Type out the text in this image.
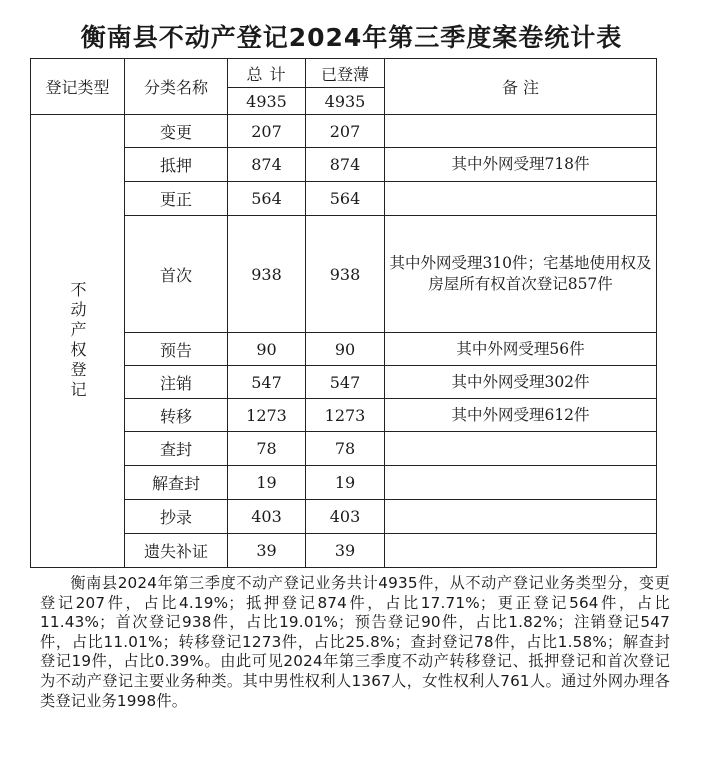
衡南县不动产登记2024年第三季度案卷统计表
登记类型	分类名称	总 计	已登薄	备 注
		4935	4935	

不动产权登记	变更	207	207	
	抵押	874	874	其中外网受理718件
	更正	564	564	
	首次	938	938	其中外网受理310件；宅基地使用权及房屋所有权首次登记857件
	预告	90	90	其中外网受理56件
	注销	547	547	其中外网受理302件
	转移	1273	1273	其中外网受理612件
	查封	78	78	
	解查封	19	19	
	抄录	403	403	
	遗失补证	39	39	
衡南县2024年第三季度不动产登记业务共计4935件，从不动产登记业务类型分，变更登记207件，占比4.19%；抵押登记874件，占比17.71%；更正登记564件，占比11.43%；首次登记938件，占比19.01%；预告登记90件，占比1.82%；注销登记547件，占比11.01%；转移登记1273件，占比25.8%；查封登记78件，占比1.58%；解查封登记19件，占比0.39%。由此可见2024年第三季度不动产转移登记、抵押登记和首次登记为不动产登记主要业务种类。其中男性权利人1367人，女性权利人761人。通过外网办理各类登记业务1998件。
